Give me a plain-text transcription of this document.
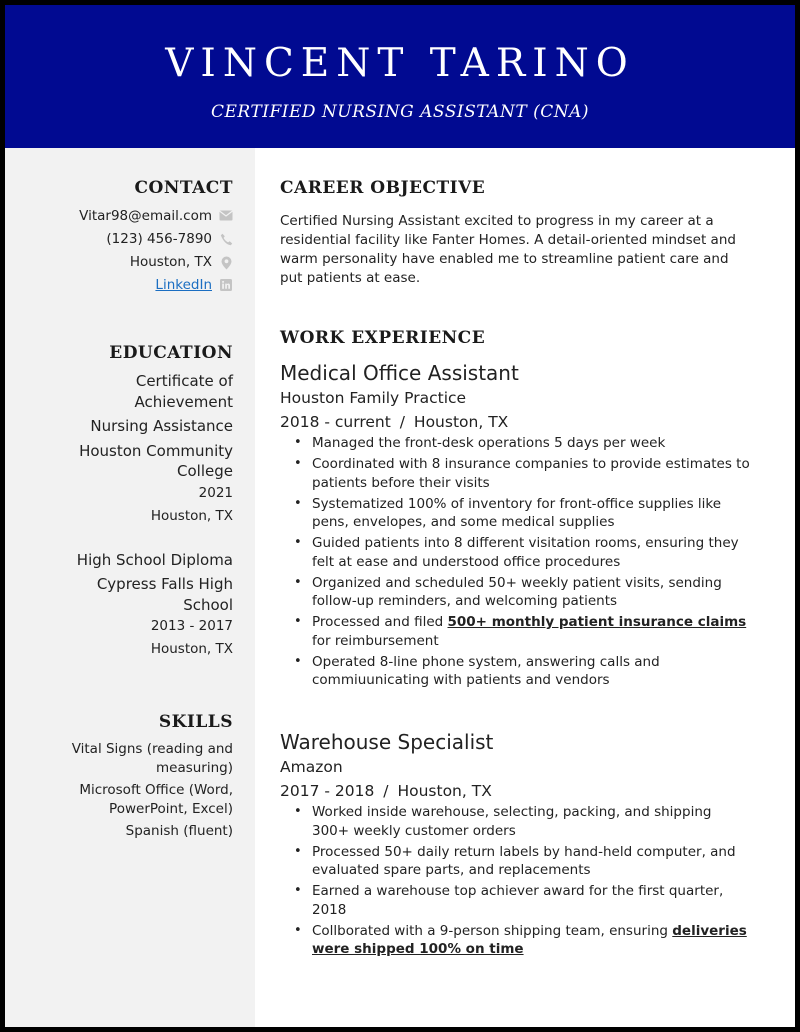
VINCENT TARINO
CERTIFIED NURSING ASSISTANT (CNA)
CONTACT
Vitar98@email.com
(123) 456-7890
Houston, TX
LinkedIn
EDUCATION
Certificate of
Achievement
Nursing Assistance
Houston Community
College
2021
Houston, TX
High School Diploma
Cypress Falls High
School
2013 - 2017
Houston, TX
SKILLS
Vital Signs (reading and
measuring)
Microsoft Office (Word,
PowerPoint, Excel)
Spanish (fluent)
CAREER OBJECTIVE
Certified Nursing Assistant excited to progress in my career at a residential facility like Fanter Homes. A detail-oriented mindset and warm personality have enabled me to streamline patient care and put patients at ease.
WORK EXPERIENCE
Medical Office Assistant
Houston Family Practice
2018 - current / Houston, TX
• Managed the front-desk operations 5 days per week
• Coordinated with 8 insurance companies to provide estimates to patients before their visits
• Systematized 100% of inventory for front-office supplies like pens, envelopes, and some medical supplies
• Guided patients into 8 different visitation rooms, ensuring they felt at ease and understood office procedures
• Organized and scheduled 50+ weekly patient visits, sending follow-up reminders, and welcoming patients
• Processed and filed 500+ monthly patient insurance claims for reimbursement
• Operated 8-line phone system, answering calls and commiuunicating with patients and vendors
Warehouse Specialist
Amazon
2017 - 2018 / Houston, TX
• Worked inside warehouse, selecting, packing, and shipping 300+ weekly customer orders
• Processed 50+ daily return labels by hand-held computer, and evaluated spare parts, and replacements
• Earned a warehouse top achiever award for the first quarter, 2018
• Collborated with a 9-person shipping team, ensuring deliveries were shipped 100% on time
